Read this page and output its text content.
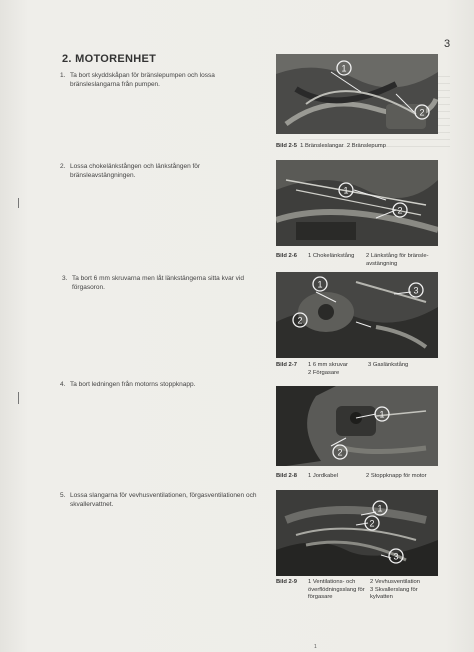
3
2. MOTORENHET
1. Ta bort skyddskåpan för bränslepumpen och lossa bränsleslangarna från pumpen.
2. Lossa chokelänkstången och länkstången för bränsleavstängningen.
3. Ta bort 6 mm skruvarna men låt länkstängerna sitta kvar vid förgasoron.
4. Ta bort ledningen från motorns stoppknapp.
5. Lossa slangarna för vevhusventilationen, förgasventilationen och skvallervattnet.
1
2
Bild 2-5 1 Bränsleslangar 2 Bränslepump
1
2
Bild 2-6 1 Chokelänkstång 2 Länkstång för bränsle-avstängning
1
2
3
Bild 2-7 1 6 mm skruvar
2 Förgasare3 Gaslänkstång
1
2
Bild 2-8 1 Jordkabel	2 Stoppknapp för motor
1
2
3
Bild 2-9 1 Ventilations- och överflödningsslang för förgasare2 Vevhusventilation
3 Skvallerslang för kylvatten
1
